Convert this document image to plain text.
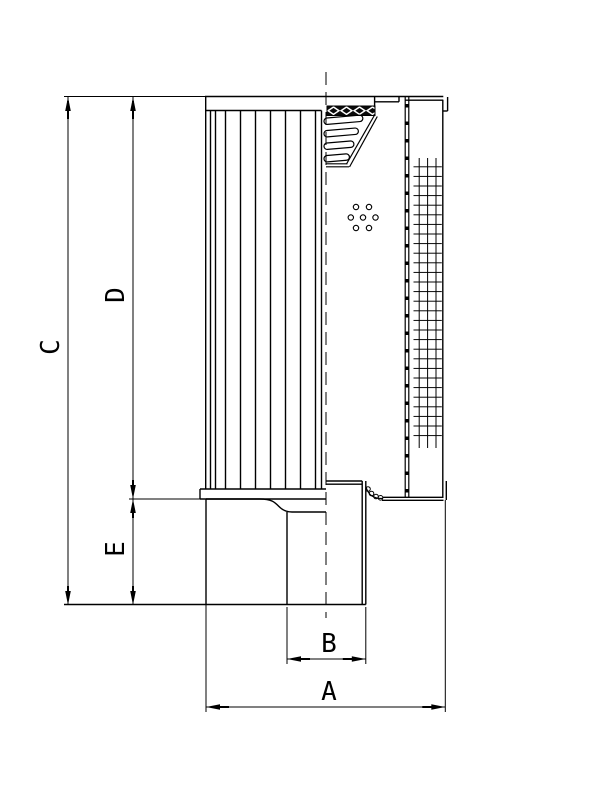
C
D
E
B
A
